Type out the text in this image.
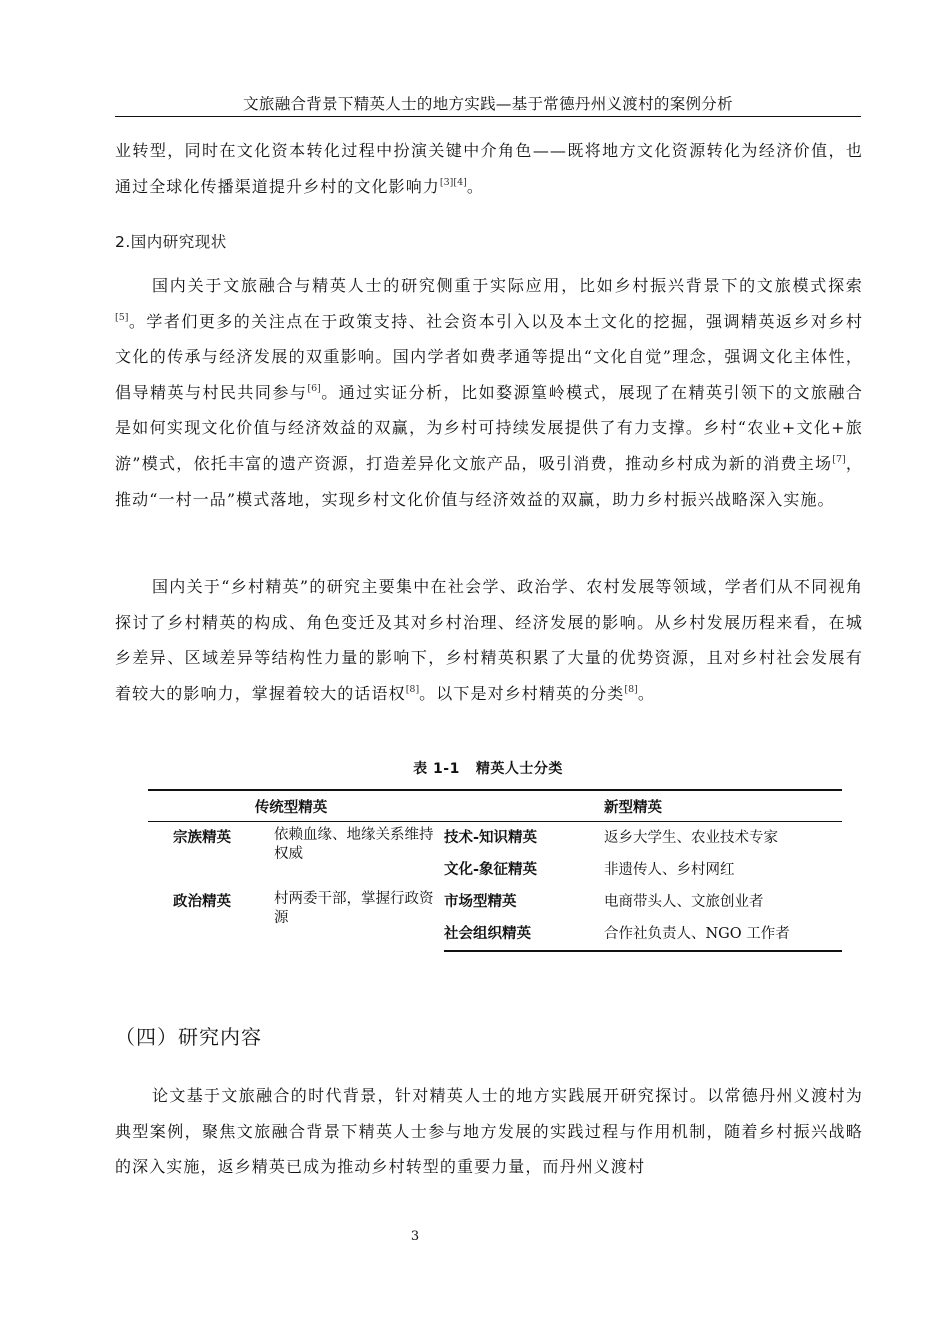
文旅融合背景下精英人士的地方实践—基于常德丹州义渡村的案例分析

业转型，同时在文化资本转化过程中扮演关键中介角色——既将地方文化资源转化为经济价值，也通过全球化传播渠道提升乡村的文化影响力[3][4]。

2.国内研究现状

国内关于文旅融合与精英人士的研究侧重于实际应用，比如乡村振兴背景下的文旅模式探索[5]。学者们更多的关注点在于政策支持、社会资本引入以及本土文化的挖掘，强调精英返乡对乡村文化的传承与经济发展的双重影响。国内学者如费孝通等提出“文化自觉”理念，强调文化主体性，倡导精英与村民共同参与[6]。通过实证分析，比如婺源篁岭模式，展现了在精英引领下的文旅融合是如何实现文化价值与经济效益的双赢，为乡村可持续发展提供了有力支撑。乡村“农业+文化+旅游”模式，依托丰富的遗产资源，打造差异化文旅产品，吸引消费，推动乡村成为新的消费主场[7]，推动“一村一品”模式落地，实现乡村文化价值与经济效益的双赢，助力乡村振兴战略深入实施。

国内关于“乡村精英”的研究主要集中在社会学、政治学、农村发展等领域，学者们从不同视角探讨了乡村精英的构成、角色变迁及其对乡村治理、经济发展的影响。从乡村发展历程来看，在城乡差异、区域差异等结构性力量的影响下，乡村精英积累了大量的优势资源，且对乡村社会发展有着较大的影响力，掌握着较大的话语权[8]。以下是对乡村精英的分类[8]。

表 1-1 精英人士分类
传统型精英		新型精英	
宗族精英	依赖血缘、地缘关系维持权威	技术-知识精英	返乡大学生、农业技术专家
		文化-象征精英	非遗传人、乡村网红
政治精英	村两委干部，掌握行政资源	市场型精英	电商带头人、文旅创业者
		社会组织精英	合作社负责人、NGO 工作者
（四）研究内容

论文基于文旅融合的时代背景，针对精英人士的地方实践展开研究探讨。以常德丹州义渡村为典型案例，聚焦文旅融合背景下精英人士参与地方发展的实践过程与作用机制，随着乡村振兴战略的深入实施，返乡精英已成为推动乡村转型的重要力量，而丹州义渡村

3
